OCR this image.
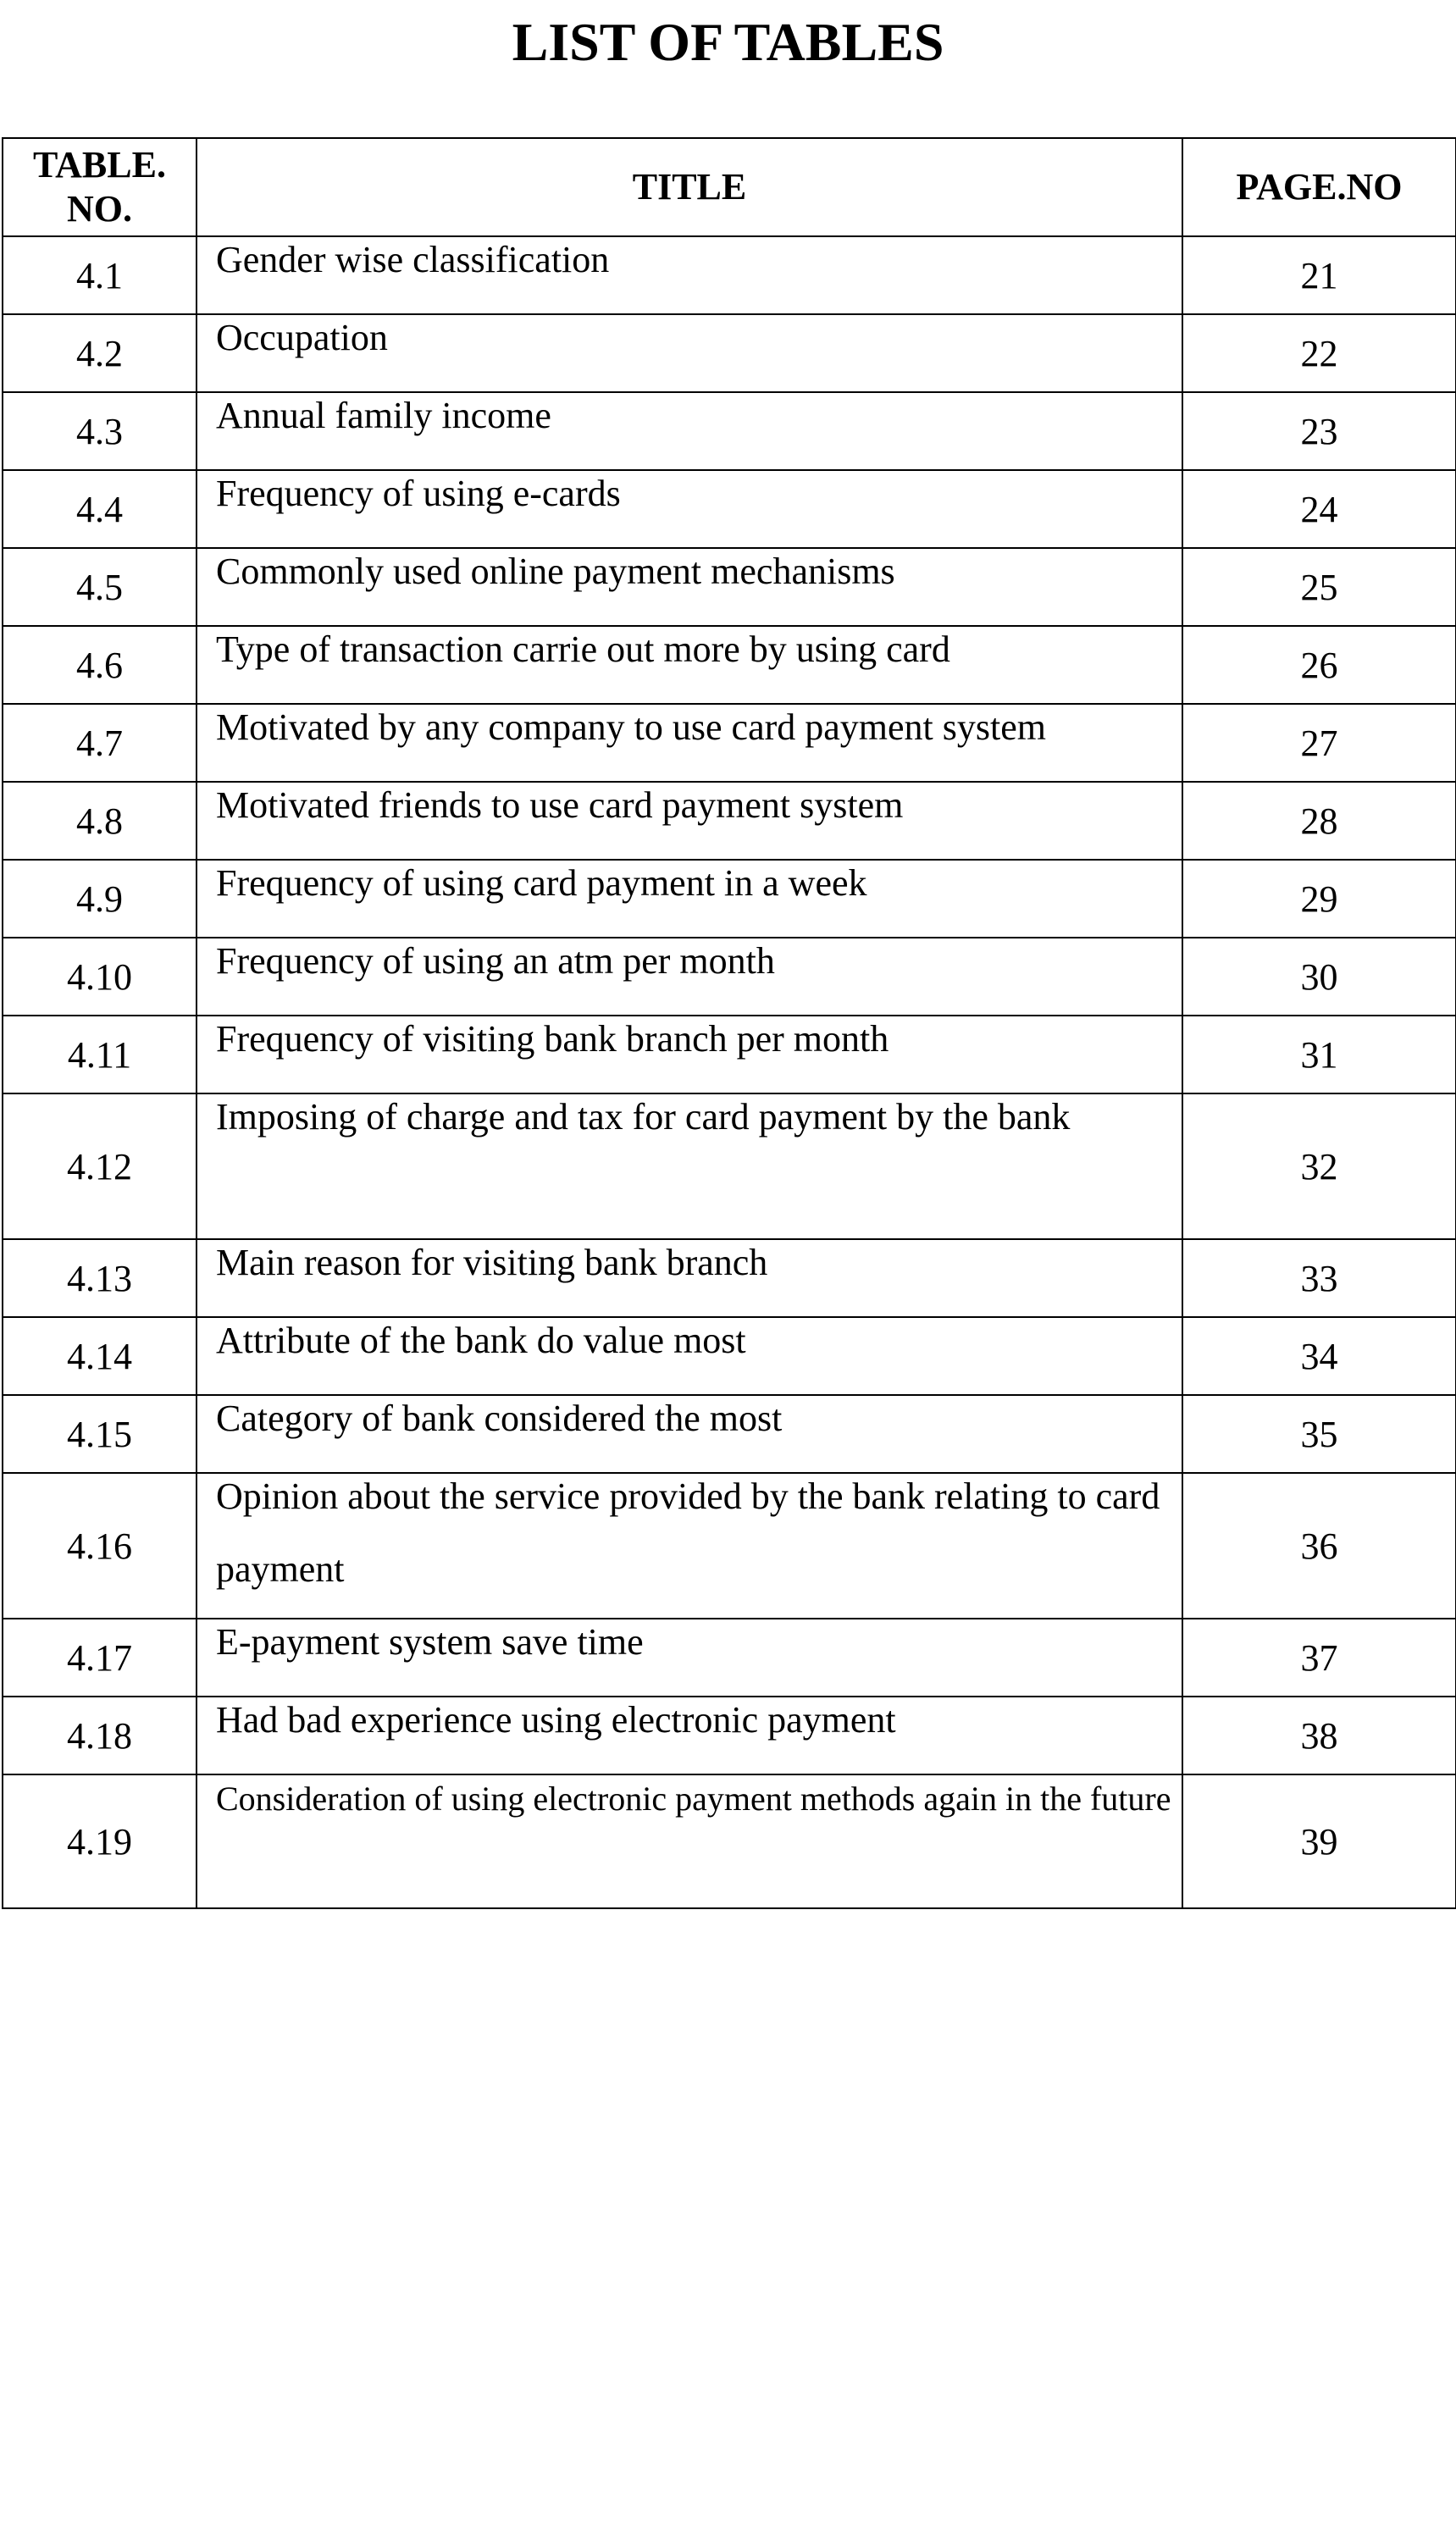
LIST OF TABLES
TABLE. NO.	TITLE	PAGE.NO
4.1	Gender wise classification	21
4.2	Occupation	22
4.3	Annual family income	23
4.4	Frequency of using e-cards	24
4.5	Commonly used online payment mechanisms	25
4.6	Type of transaction carrie out more by using card	26
4.7	Motivated by any company to use card payment system	27
4.8	Motivated friends to use card payment system	28
4.9	Frequency of using card payment in a week	29
4.10	Frequency of using an atm per month	30
4.11	Frequency of visiting bank branch per month	31
4.12	Imposing of charge and tax for card payment by the bank	32
4.13	Main reason for visiting bank branch	33
4.14	Attribute of the bank do value most	34
4.15	Category of bank considered the most	35
4.16	Opinion about the service provided by the bank relating to card payment	36
4.17	E-payment system save time	37
4.18	Had bad experience using electronic payment	38
4.19	Consideration of using electronic payment methods again in the future	39
